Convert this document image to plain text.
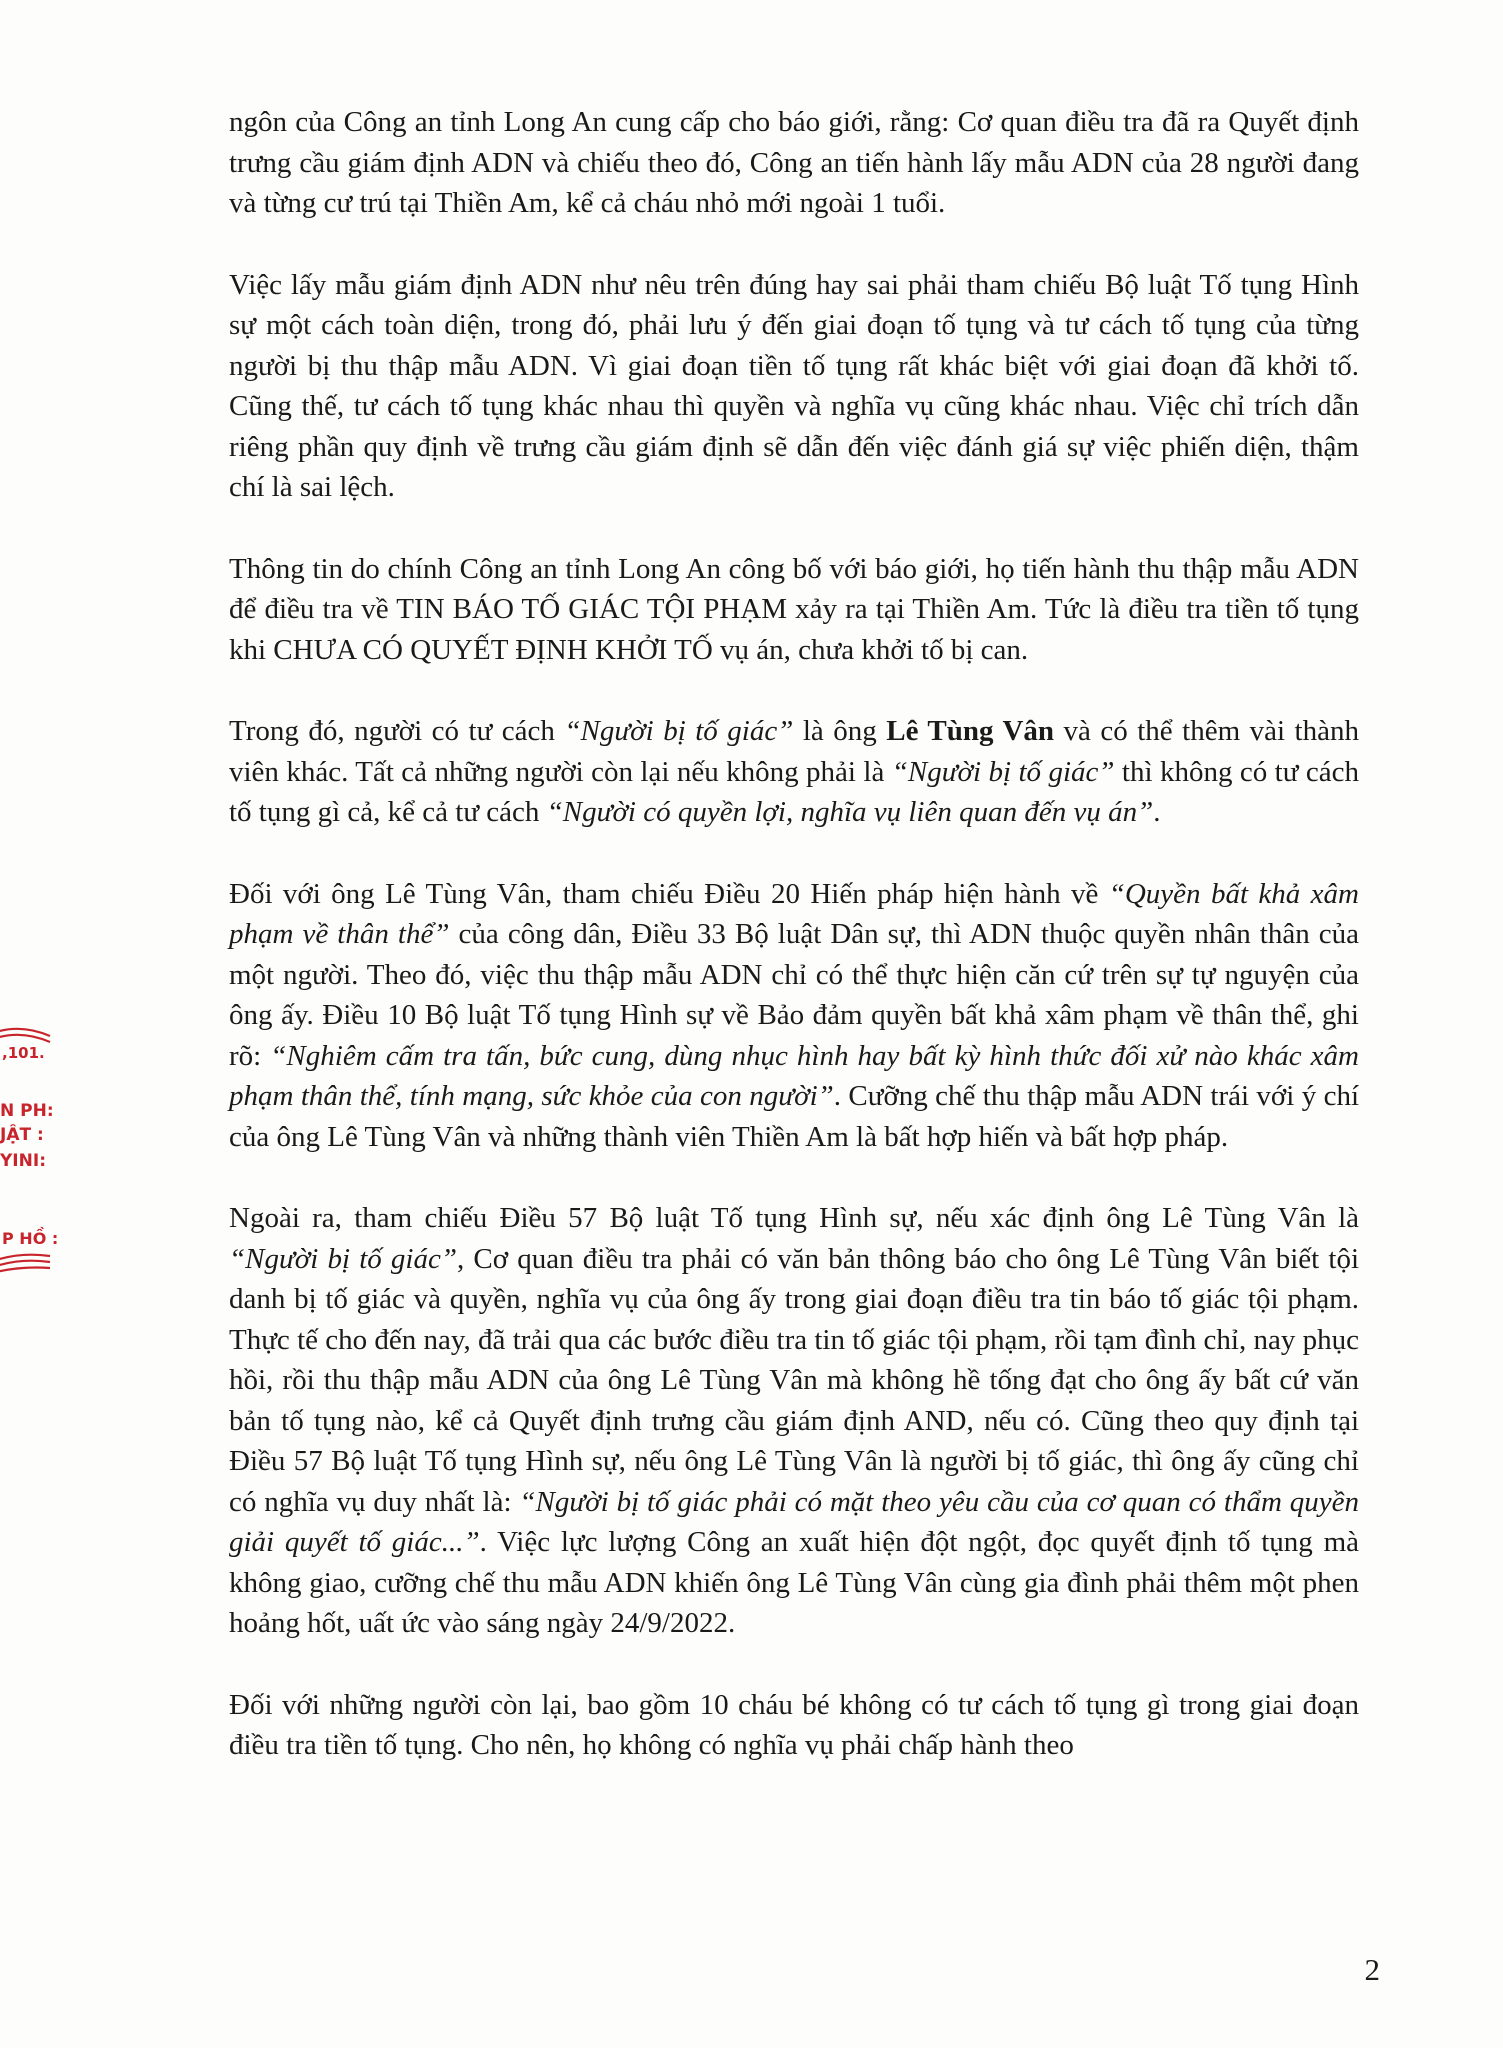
,101.
N PH:
JẬT :
YINI:
P HỒ :

ngôn của Công an tỉnh Long An cung cấp cho báo giới, rằng: Cơ quan điều tra đã ra Quyết định trưng cầu giám định ADN và chiếu theo đó, Công an tiến hành lấy mẫu ADN của 28 người đang và từng cư trú tại Thiền Am, kể cả cháu nhỏ mới ngoài 1 tuổi.

Việc lấy mẫu giám định ADN như nêu trên đúng hay sai phải tham chiếu Bộ luật Tố tụng Hình sự một cách toàn diện, trong đó, phải lưu ý đến giai đoạn tố tụng và tư cách tố tụng của từng người bị thu thập mẫu ADN. Vì giai đoạn tiền tố tụng rất khác biệt với giai đoạn đã khởi tố. Cũng thế, tư cách tố tụng khác nhau thì quyền và nghĩa vụ cũng khác nhau. Việc chỉ trích dẫn riêng phần quy định về trưng cầu giám định sẽ dẫn đến việc đánh giá sự việc phiến diện, thậm chí là sai lệch.

Thông tin do chính Công an tỉnh Long An công bố với báo giới, họ tiến hành thu thập mẫu ADN để điều tra về TIN BÁO TỐ GIÁC TỘI PHẠM xảy ra tại Thiền Am. Tức là điều tra tiền tố tụng khi CHƯA CÓ QUYẾT ĐỊNH KHỞI TỐ vụ án, chưa khởi tố bị can.

Trong đó, người có tư cách “Người bị tố giác” là ông Lê Tùng Vân và có thể thêm vài thành viên khác. Tất cả những người còn lại nếu không phải là “Người bị tố giác” thì không có tư cách tố tụng gì cả, kể cả tư cách “Người có quyền lợi, nghĩa vụ liên quan đến vụ án”.

Đối với ông Lê Tùng Vân, tham chiếu Điều 20 Hiến pháp hiện hành về “Quyền bất khả xâm phạm về thân thể” của công dân, Điều 33 Bộ luật Dân sự, thì ADN thuộc quyền nhân thân của một người. Theo đó, việc thu thập mẫu ADN chỉ có thể thực hiện căn cứ trên sự tự nguyện của ông ấy. Điều 10 Bộ luật Tố tụng Hình sự về Bảo đảm quyền bất khả xâm phạm về thân thể, ghi rõ: “Nghiêm cấm tra tấn, bức cung, dùng nhục hình hay bất kỳ hình thức đối xử nào khác xâm phạm thân thể, tính mạng, sức khỏe của con người”. Cưỡng chế thu thập mẫu ADN trái với ý chí của ông Lê Tùng Vân và những thành viên Thiền Am là bất hợp hiến và bất hợp pháp.

Ngoài ra, tham chiếu Điều 57 Bộ luật Tố tụng Hình sự, nếu xác định ông Lê Tùng Vân là “Người bị tố giác”, Cơ quan điều tra phải có văn bản thông báo cho ông Lê Tùng Vân biết tội danh bị tố giác và quyền, nghĩa vụ của ông ấy trong giai đoạn điều tra tin báo tố giác tội phạm. Thực tế cho đến nay, đã trải qua các bước điều tra tin tố giác tội phạm, rồi tạm đình chỉ, nay phục hồi, rồi thu thập mẫu ADN của ông Lê Tùng Vân mà không hề tống đạt cho ông ấy bất cứ văn bản tố tụng nào, kể cả Quyết định trưng cầu giám định AND, nếu có. Cũng theo quy định tại Điều 57 Bộ luật Tố tụng Hình sự, nếu ông Lê Tùng Vân là người bị tố giác, thì ông ấy cũng chỉ có nghĩa vụ duy nhất là: “Người bị tố giác phải có mặt theo yêu cầu của cơ quan có thẩm quyền giải quyết tố giác...”. Việc lực lượng Công an xuất hiện đột ngột, đọc quyết định tố tụng mà không giao, cưỡng chế thu mẫu ADN khiến ông Lê Tùng Vân cùng gia đình phải thêm một phen hoảng hốt, uất ức vào sáng ngày 24/9/2022.

Đối với những người còn lại, bao gồm 10 cháu bé không có tư cách tố tụng gì trong giai đoạn điều tra tiền tố tụng. Cho nên, họ không có nghĩa vụ phải chấp hành theo

2
